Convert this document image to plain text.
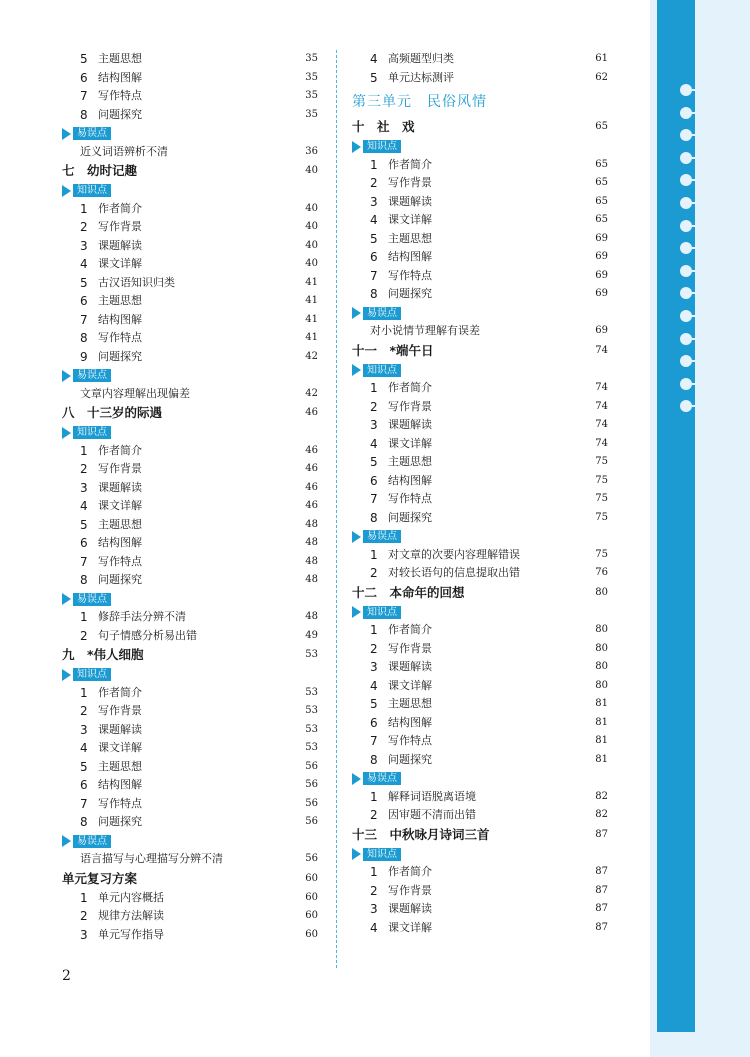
5 主题思想	35
6 结构图解	35
7 写作特点	35
8 问题探究	35
易误点
近义词语辨析不清	36
七　幼时记趣	40
知识点
1 作者简介	40
2 写作背景	40
3 课题解读	40
4 课文详解	40
5 古汉语知识归类	41
6 主题思想	41
7 结构图解	41
8 写作特点	41
9 问题探究	42
易误点
文章内容理解出现偏差	42
八　十三岁的际遇	46
知识点
1 作者简介	46
2 写作背景	46
3 课题解读	46
4 课文详解	46
5 主题思想	48
6 结构图解	48
7 写作特点	48
8 问题探究	48
易误点
1 修辞手法分辨不清	48
2 句子情感分析易出错	49
九　*伟人细胞	53
知识点
1 作者简介	53
2 写作背景	53
3 课题解读	53
4 课文详解	53
5 主题思想	56
6 结构图解	56
7 写作特点	56
8 问题探究	56
易误点
语言描写与心理描写分辨不清	56
单元复习方案	60
1 单元内容概括	60
2 规律方法解读	60
3 单元写作指导	60
4 高频题型归类	61
5 单元达标测评	62
第三单元　民俗风情
十　社　戏	65
知识点
1 作者简介	65
2 写作背景	65
3 课题解读	65
4 课文详解	65
5 主题思想	69
6 结构图解	69
7 写作特点	69
8 问题探究	69
易误点
对小说情节理解有误差	69
十一　*端午日	74
知识点
1 作者简介	74
2 写作背景	74
3 课题解读	74
4 课文详解	74
5 主题思想	75
6 结构图解	75
7 写作特点	75
8 问题探究	75
易误点
1 对文章的次要内容理解错误	75
2 对较长语句的信息提取出错	76
十二　本命年的回想	80
知识点
1 作者简介	80
2 写作背景	80
3 课题解读	80
4 课文详解	80
5 主题思想	81
6 结构图解	81
7 写作特点	81
8 问题探究	81
易误点
1 解释词语脱离语境	82
2 因审题不清而出错	82
十三　中秋咏月诗词三首	87
知识点
1 作者简介	87
2 写作背景	87
3 课题解读	87
4 课文详解	87
2
